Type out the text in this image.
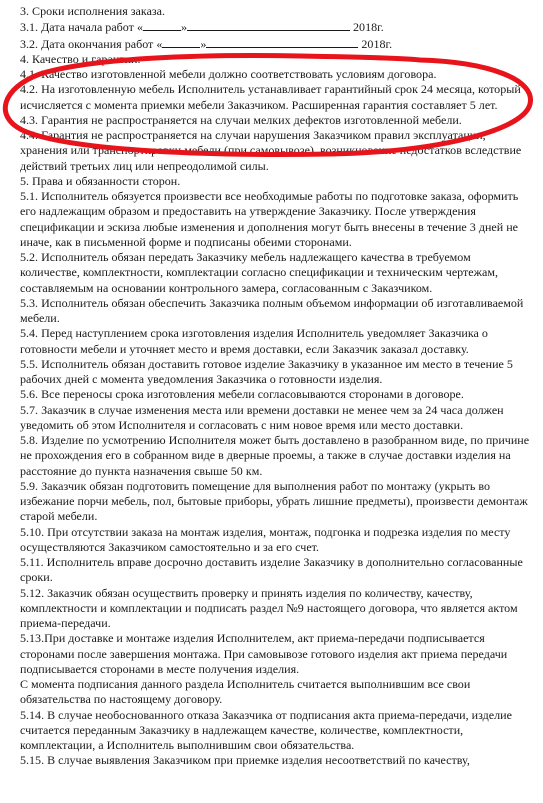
3. Сроки исполнения заказа.

3.1. Дата начала работ «	»	2018г.

3.2. Дата окончания работ «	»	2018г.

4. Качество и гарантии.

4.1. Качество изготовленной мебели должно соответствовать условиям договора.

4.2. На изготовленную мебель Исполнитель устанавливает гарантийный срок 24 месяца, который исчисляется с момента приемки мебели Заказчиком. Расширенная гарантия составляет 5 лет.

4.3. Гарантия не распространяется на случаи мелких дефектов изготовленной мебели.

4.4. Гарантия не распространяется на случаи нарушения Заказчиком правил эксплуатации, хранения или транспортировки мебели (при самовывозе), возникновение недостатков вследствие действий третьих лиц или непреодолимой силы.

5. Права и обязанности сторон.

5.1. Исполнитель обязуется произвести все необходимые работы по подготовке заказа, оформить его надлежащим образом и предоставить на утверждение Заказчику. После утверждения спецификации и эскиза любые изменения и дополнения могут быть внесены в течение 3 дней не иначе, как в письменной форме и подписаны обеими сторонами.

5.2. Исполнитель обязан передать Заказчику мебель надлежащего качества в требуемом количестве, комплектности, комплектации согласно спецификации и техническим чертежам, составляемым на основании контрольного замера, согласованным с Заказчиком.

5.3. Исполнитель обязан обеспечить Заказчика полным объемом информации об изготавливаемой мебели.

5.4. Перед наступлением срока изготовления изделия Исполнитель уведомляет Заказчика о готовности мебели и уточняет место и время доставки, если Заказчик заказал доставку.

5.5. Исполнитель обязан доставить готовое изделие Заказчику в указанное им место в течение 5 рабочих дней с момента уведомления Заказчика о готовности изделия.

5.6. Все переносы срока изготовления мебели согласовываются сторонами в договоре.

5.7. Заказчик в случае изменения места или времени доставки не менее чем за 24 часа должен уведомить об этом Исполнителя и согласовать с ним новое время или место доставки.

5.8. Изделие по усмотрению Исполнителя может быть доставлено в разобранном виде, по причине не прохождения его в собранном виде в дверные проемы, а также в случае доставки изделия на расстояние до пункта назначения свыше 50 км.

5.9. Заказчик обязан подготовить помещение для выполнения работ по монтажу (укрыть во избежание порчи мебель, пол, бытовые приборы, убрать лишние предметы), произвести демонтаж старой мебели.

5.10. При отсутствии заказа на монтаж изделия, монтаж, подгонка и подрезка изделия по месту осуществляются Заказчиком самостоятельно и за его счет.

5.11. Исполнитель вправе досрочно доставить изделие Заказчику в дополнительно согласованные сроки.

5.12. Заказчик обязан осуществить проверку и принять изделия по количеству, качеству, комплектности и комплектации и подписать раздел №9 настоящего договора, что является актом приема-передачи.

5.13.При доставке и монтаже изделия Исполнителем, акт приема-передачи подписывается сторонами после завершения монтажа. При самовывозе готового изделия акт приема передачи подписывается сторонами в месте получения изделия.

С момента подписания данного раздела Исполнитель считается выполнившим все свои обязательства по настоящему договору.

5.14. В случае необоснованного отказа Заказчика от подписания акта приема-передачи, изделие считается переданным Заказчику в надлежащем качестве, количестве, комплектности, комплектации, а Исполнитель выполнившим свои обязательства.

5.15. В случае выявления Заказчиком при приемке изделия несоответствий по качеству,
